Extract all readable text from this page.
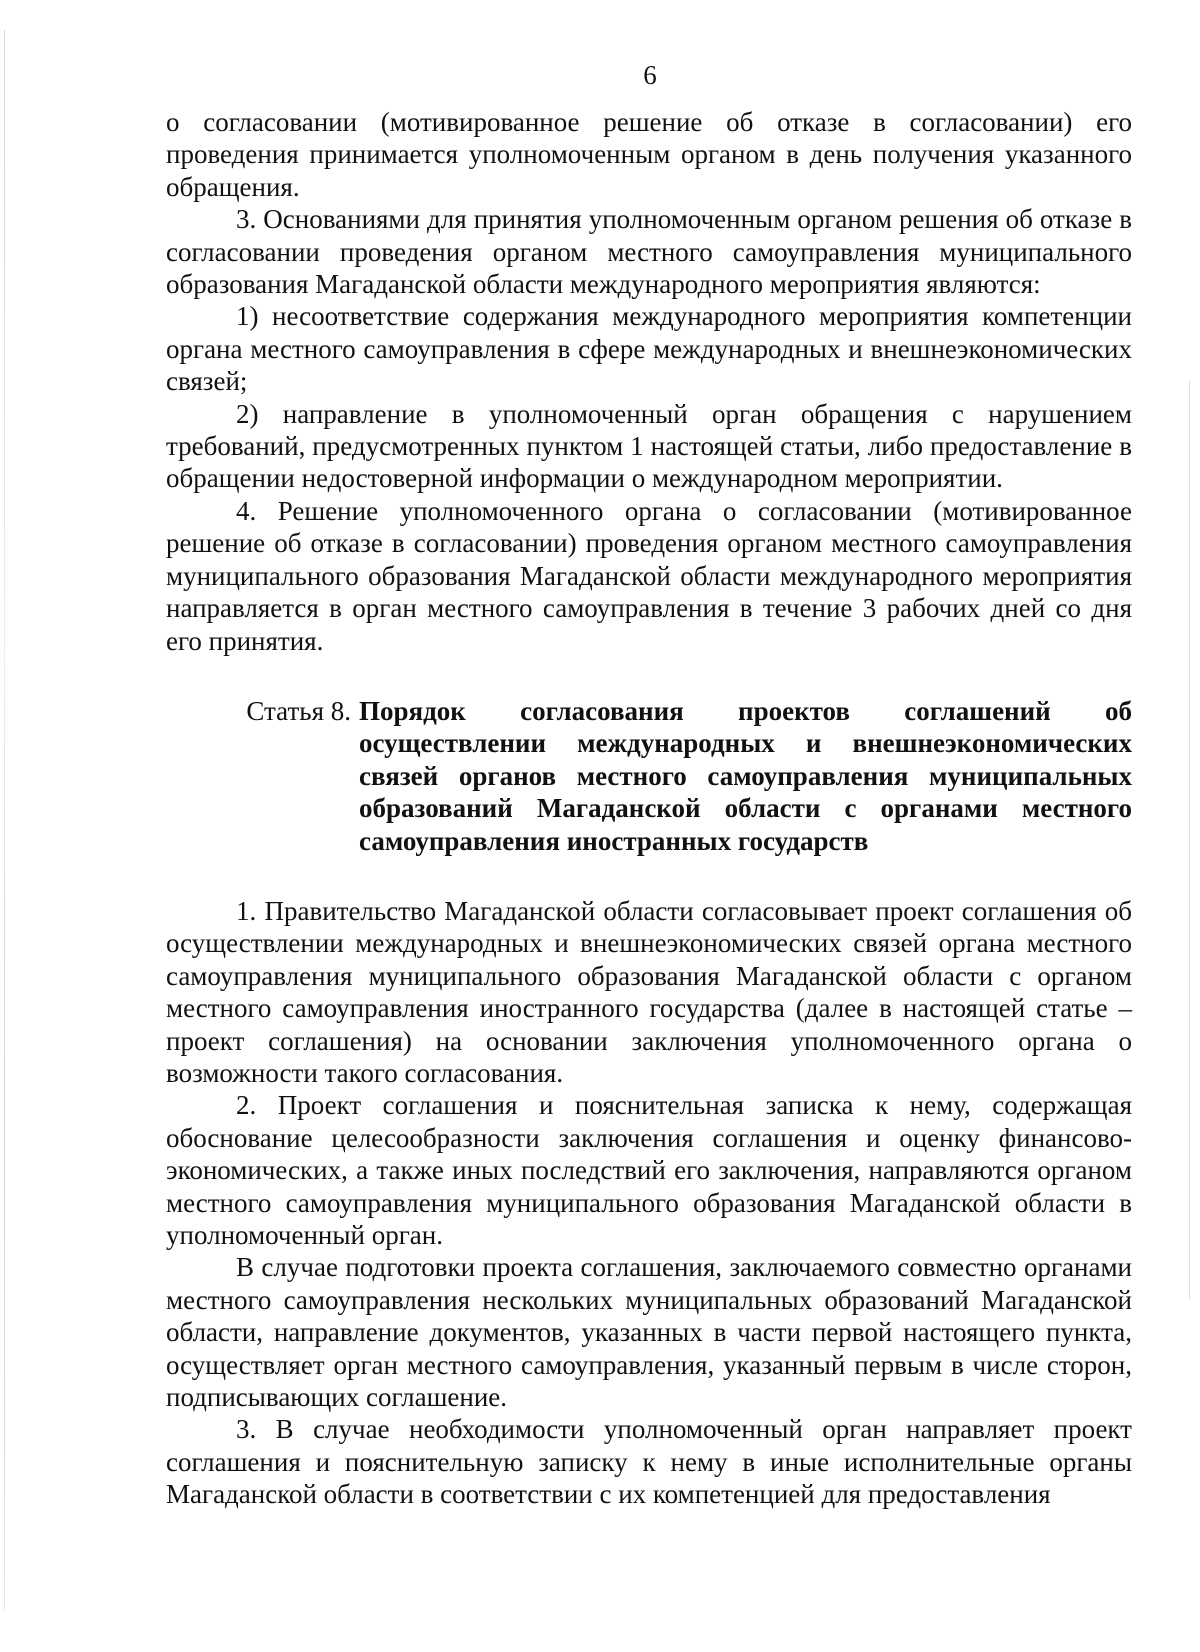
6

о согласовании (мотивированное решение об отказе в согласовании) его проведения принимается уполномоченным органом в день получения указанного обращения.

3. Основаниями для принятия уполномоченным органом решения об отказе в согласовании проведения органом местного самоуправления муниципального образования Магаданской области международного мероприятия являются:

1) несоответствие содержания международного мероприятия компетенции органа местного самоуправления в сфере международных и внешнеэкономических связей;

2) направление в уполномоченный орган обращения с нарушением требований, предусмотренных пунктом 1 настоящей статьи, либо предоставление в обращении недостоверной информации о международном мероприятии.

4. Решение уполномоченного органа о согласовании (мотивированное решение об отказе в согласовании) проведения органом местного самоуправления муниципального образования Магаданской области международного мероприятия направляется в орган местного самоуправления в течение 3 рабочих дней со дня его принятия.

Статья 8. Порядок согласования проектов соглашений об осуществлении международных и внешнеэкономических связей органов местного самоуправления муниципальных образований Магаданской области с органами местного самоуправления иностранных государств

1. Правительство Магаданской области согласовывает проект соглашения об осуществлении международных и внешнеэкономических связей органа местного самоуправления муниципального образования Магаданской области с органом местного самоуправления иностранного государства (далее в настоящей статье – проект соглашения) на основании заключения уполномоченного органа о возможности такого согласования.

2. Проект соглашения и пояснительная записка к нему, содержащая обоснование целесообразности заключения соглашения и оценку финансово-экономических, а также иных последствий его заключения, направляются органом местного самоуправления муниципального образования Магаданской области в уполномоченный орган.

В случае подготовки проекта соглашения, заключаемого совместно органами местного самоуправления нескольких муниципальных образований Магаданской области, направление документов, указанных в части первой настоящего пункта, осуществляет орган местного самоуправления, указанный первым в числе сторон, подписывающих соглашение.

3. В случае необходимости уполномоченный орган направляет проект соглашения и пояснительную записку к нему в иные исполнительные органы Магаданской области в соответствии с их компетенцией для предоставления
